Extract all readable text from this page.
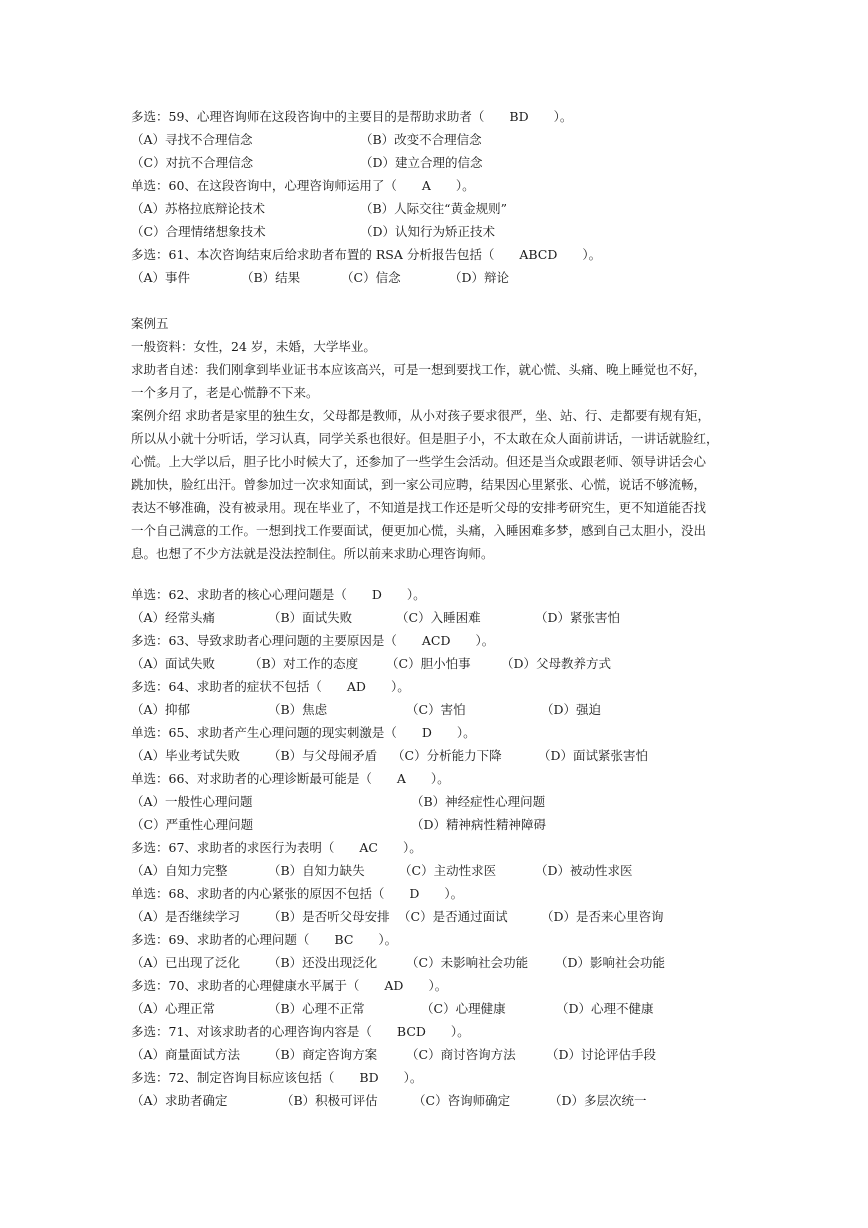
多选：59、心理咨询师在这段咨询中的主要目的是帮助求助者（　　BD　　）。
（A）寻找不合理信念	（B）改变不合理信念
（C）对抗不合理信念	（D）建立合理的信念
单选：60、在这段咨询中，心理咨询师运用了（　　A　　）。
（A）苏格拉底辩论技术	（B）人际交往“黄金规则”
（C）合理情绪想象技术	（D）认知行为矫正技术
多选：61、本次咨询结束后给求助者布置的 RSA 分析报告包括（　　ABCD　　）。
（A）事件	（B）结果	（C）信念	（D）辩论
案例五
一般资料：女性，24 岁，未婚，大学毕业。
求助者自述：我们刚拿到毕业证书本应该高兴，可是一想到要找工作，就心慌、头痛、晚上睡觉也不好，
一个多月了，老是心慌静不下来。
案例介绍 求助者是家里的独生女，父母都是教师，从小对孩子要求很严，坐、站、行、走都要有规有矩，
所以从小就十分听话，学习认真，同学关系也很好。但是胆子小，不太敢在众人面前讲话，一讲话就脸红，
心慌。上大学以后，胆子比小时候大了，还参加了一些学生会活动。但还是当众或跟老师、领导讲话会心
跳加快，脸红出汗。曾参加过一次求知面试，到一家公司应聘，结果因心里紧张、心慌，说话不够流畅，
表达不够准确，没有被录用。现在毕业了，不知道是找工作还是听父母的安排考研究生，更不知道能否找
一个自己满意的工作。一想到找工作要面试，便更加心慌，头痛，入睡困难多梦，感到自己太胆小，没出
息。也想了不少方法就是没法控制住。所以前来求助心理咨询师。
单选：62、求助者的核心心理问题是（　　D　　）。
（A）经常头痛	（B）面试失败	（C）入睡困难	（D）紧张害怕
多选：63、导致求助者心理问题的主要原因是（　　ACD　　）。
（A）面试失败	（B）对工作的态度 （C）胆小怕事 （D）父母教养方式
多选：64、求助者的症状不包括（　　AD　　）。
（A）抑郁	（B）焦虑	（C）害怕	（D）强迫
单选：65、求助者产生心理问题的现实刺激是（　　D　　）。
（A）毕业考试失败 （B）与父母闹矛盾 （C）分析能力下降	（D）面试紧张害怕
单选：66、对求助者的心理诊断最可能是（　　A　　）。
（A）一般性心理问题	（B）神经症性心理问题
（C）严重性心理问题	（D）精神病性精神障碍
多选：67、求助者的求医行为表明（　　AC　　）。
（A）自知力完整	（B）自知力缺失	（C）主动性求医	（D）被动性求医
单选：68、求助者的内心紧张的原因不包括（　　D　　）。
（A）是否继续学习 （B）是否听父母安排 （C）是否通过面试	（D）是否来心里咨询
多选：69、求助者的心理问题（　　BC　　）。
（A）已出现了泛化 （B）还没出现泛化 （C）未影响社会功能 （D）影响社会功能
多选：70、求助者的心理健康水平属于（　　AD　　）。
（A）心理正常	（B）心理不正常	（C）心理健康	（D）心理不健康
多选：71、对该求助者的心理咨询内容是（　　BCD　　）。
（A）商量面试方法 （B）商定咨询方案 （C）商讨咨询方法 （D）讨论评估手段
多选：72、制定咨询目标应该包括（　　BD　　）。
（A）求助者确定	（B）积极可评估	（C）咨询师确定	（D）多层次统一
